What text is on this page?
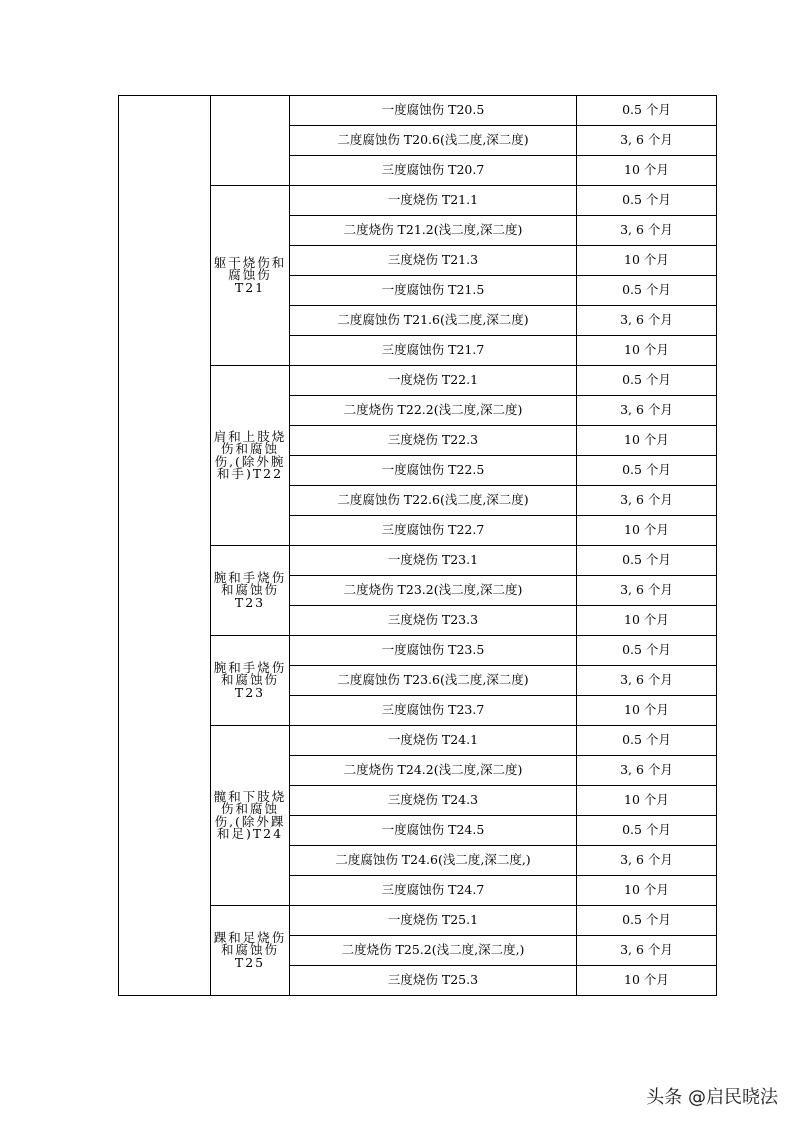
		一度腐蚀伤 T20.5	0.5 个月
		二度腐蚀伤 T20.6(浅二度,深二度)	3, 6 个月
		三度腐蚀伤 T20.7	10 个月
	躯干烧伤和腐蚀伤 T21	一度烧伤 T21.1	0.5 个月
		二度烧伤 T21.2(浅二度,深二度)	3, 6 个月
		三度烧伤 T21.3	10 个月
		一度腐蚀伤 T21.5	0.5 个月
		二度腐蚀伤 T21.6(浅二度,深二度)	3, 6 个月
		三度腐蚀伤 T21.7	10 个月
	肩和上肢烧伤和腐蚀伤,(除外腕和手)T22	一度烧伤 T22.1	0.5 个月
		二度烧伤 T22.2(浅二度,深二度)	3, 6 个月
		三度烧伤 T22.3	10 个月
		一度腐蚀伤 T22.5	0.5 个月
		二度腐蚀伤 T22.6(浅二度,深二度)	3, 6 个月
		三度腐蚀伤 T22.7	10 个月
	腕和手烧伤和腐蚀伤 T23	一度烧伤 T23.1	0.5 个月
		二度烧伤 T23.2(浅二度,深二度)	3, 6 个月
		三度烧伤 T23.3	10 个月
	腕和手烧伤和腐蚀伤 T23	一度腐蚀伤 T23.5	0.5 个月
		二度腐蚀伤 T23.6(浅二度,深二度)	3, 6 个月
		三度腐蚀伤 T23.7	10 个月
	髋和下肢烧伤和腐蚀伤,(除外踝和足)T24	一度烧伤 T24.1	0.5 个月
		二度烧伤 T24.2(浅二度,深二度)	3, 6 个月
		三度烧伤 T24.3	10 个月
		一度腐蚀伤 T24.5	0.5 个月
		二度腐蚀伤 T24.6(浅二度,深二度,)	3, 6 个月
		三度腐蚀伤 T24.7	10 个月
	踝和足烧伤和腐蚀伤 T25	一度烧伤 T25.1	0.5 个月
		二度烧伤 T25.2(浅二度,深二度,)	3, 6 个月
		三度烧伤 T25.3	10 个月
头条 @启民晓法
